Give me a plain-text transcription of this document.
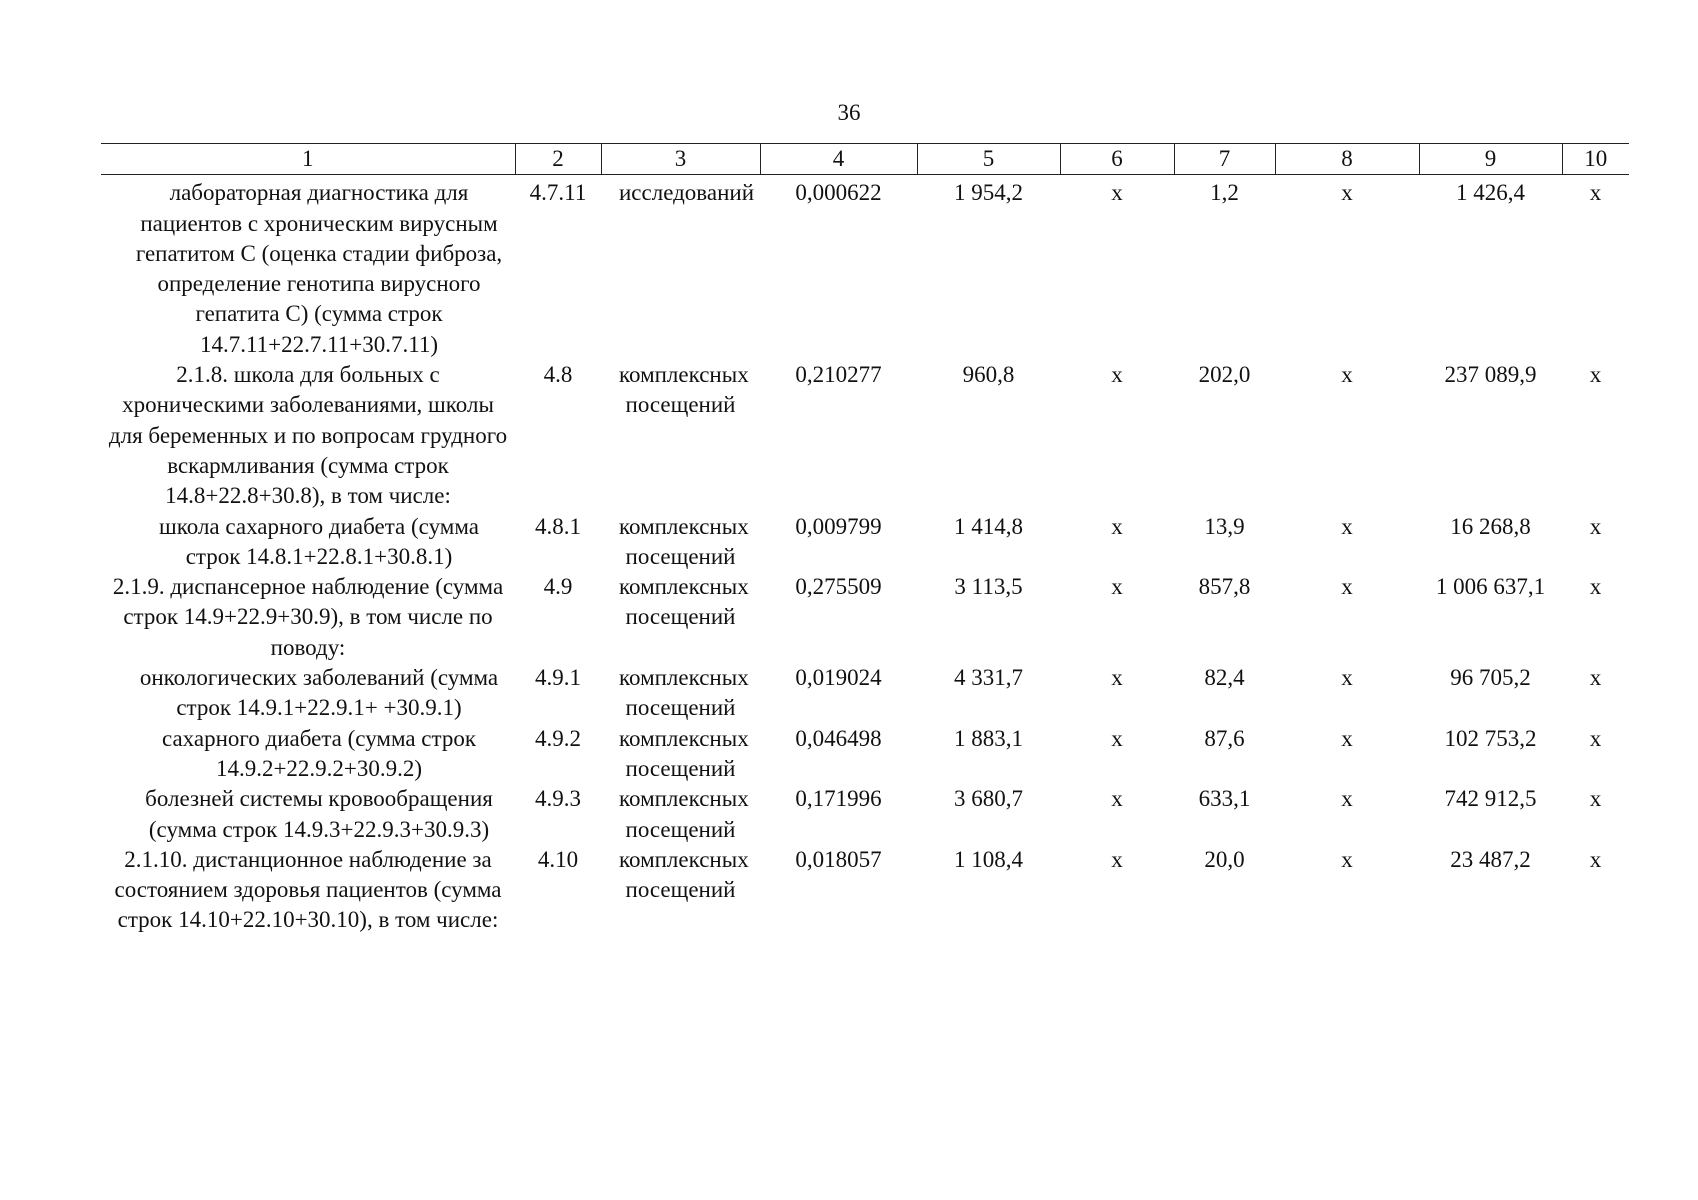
36
1	2	3	4	5	6	7	8	9	10
лабораторная диагностика для пациентов с хроническим вирусным гепатитом С (оценка стадии фиброза, определение генотипа вирусного гепатита С) (сумма строк 14.7.11+22.7.11+30.7.11)	4.7.11	исследований	0,000622	1 954,2	х	1,2	х	1 426,4	х
2.1.8. школа для больных с хроническими заболеваниями, школы для беременных и по вопросам грудного вскармливания (сумма строк 14.8+22.8+30.8), в том числе:	4.8	комплексных посещений	0,210277	960,8	х	202,0	х	237 089,9	х
школа сахарного диабета (сумма строк 14.8.1+22.8.1+30.8.1)	4.8.1	комплексных посещений	0,009799	1 414,8	х	13,9	х	16 268,8	х
2.1.9. диспансерное наблюдение (сумма строк 14.9+22.9+30.9), в том числе по поводу:	4.9	комплексных посещений	0,275509	3 113,5	х	857,8	х	1 006 637,1	х
онкологических заболеваний (сумма строк 14.9.1+22.9.1+ +30.9.1)	4.9.1	комплексных посещений	0,019024	4 331,7	х	82,4	х	96 705,2	х
сахарного диабета (сумма строк 14.9.2+22.9.2+30.9.2)	4.9.2	комплексных посещений	0,046498	1 883,1	х	87,6	х	102 753,2	х
болезней системы кровообращения (сумма строк 14.9.3+22.9.3+30.9.3)	4.9.3	комплексных посещений	0,171996	3 680,7	х	633,1	х	742 912,5	х
2.1.10. дистанционное наблюдение за состоянием здоровья пациентов (сумма строк 14.10+22.10+30.10), в том числе:	4.10	комплексных посещений	0,018057	1 108,4	х	20,0	х	23 487,2	х
